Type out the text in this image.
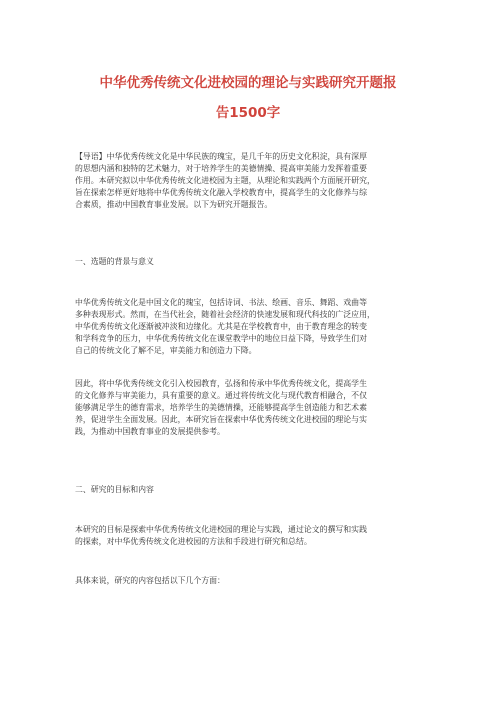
中华优秀传统文化进校园的理论与实践研究开题报
告1500字

【导语】中华优秀传统文化是中华民族的瑰宝，是几千年的历史文化积淀，具有深厚

的思想内涵和独特的艺术魅力，对于培养学生的美德情操、提高审美能力发挥着重要

作用。本研究拟以中华优秀传统文化进校园为主题，从理论和实践两个方面展开研究，

旨在探索怎样更好地将中华优秀传统文化融入学校教育中，提高学生的文化修养与综

合素质，推动中国教育事业发展。以下为研究开题报告。

一、选题的背景与意义

中华优秀传统文化是中国文化的瑰宝，包括诗词、书法、绘画、音乐、舞蹈、戏曲等

多种表现形式。然而，在当代社会，随着社会经济的快速发展和现代科技的广泛应用，

中华优秀传统文化逐渐被冲淡和边缘化。尤其是在学校教育中，由于教育理念的转变

和学科竞争的压力，中华优秀传统文化在课堂教学中的地位日益下降，导致学生们对

自己的传统文化了解不足，审美能力和创造力下降。

因此，将中华优秀传统文化引入校园教育，弘扬和传承中华优秀传统文化，提高学生

的文化修养与审美能力，具有重要的意义。通过将传统文化与现代教育相融合，不仅

能够满足学生的德育需求，培养学生的美德情操，还能够提高学生创造能力和艺术素

养，促进学生全面发展。因此，本研究旨在探索中华优秀传统文化进校园的理论与实

践，为推动中国教育事业的发展提供参考。

二、研究的目标和内容

本研究的目标是探索中华优秀传统文化进校园的理论与实践，通过论文的撰写和实践

的探索，对中华优秀传统文化进校园的方法和手段进行研究和总结。

具体来说，研究的内容包括以下几个方面：
